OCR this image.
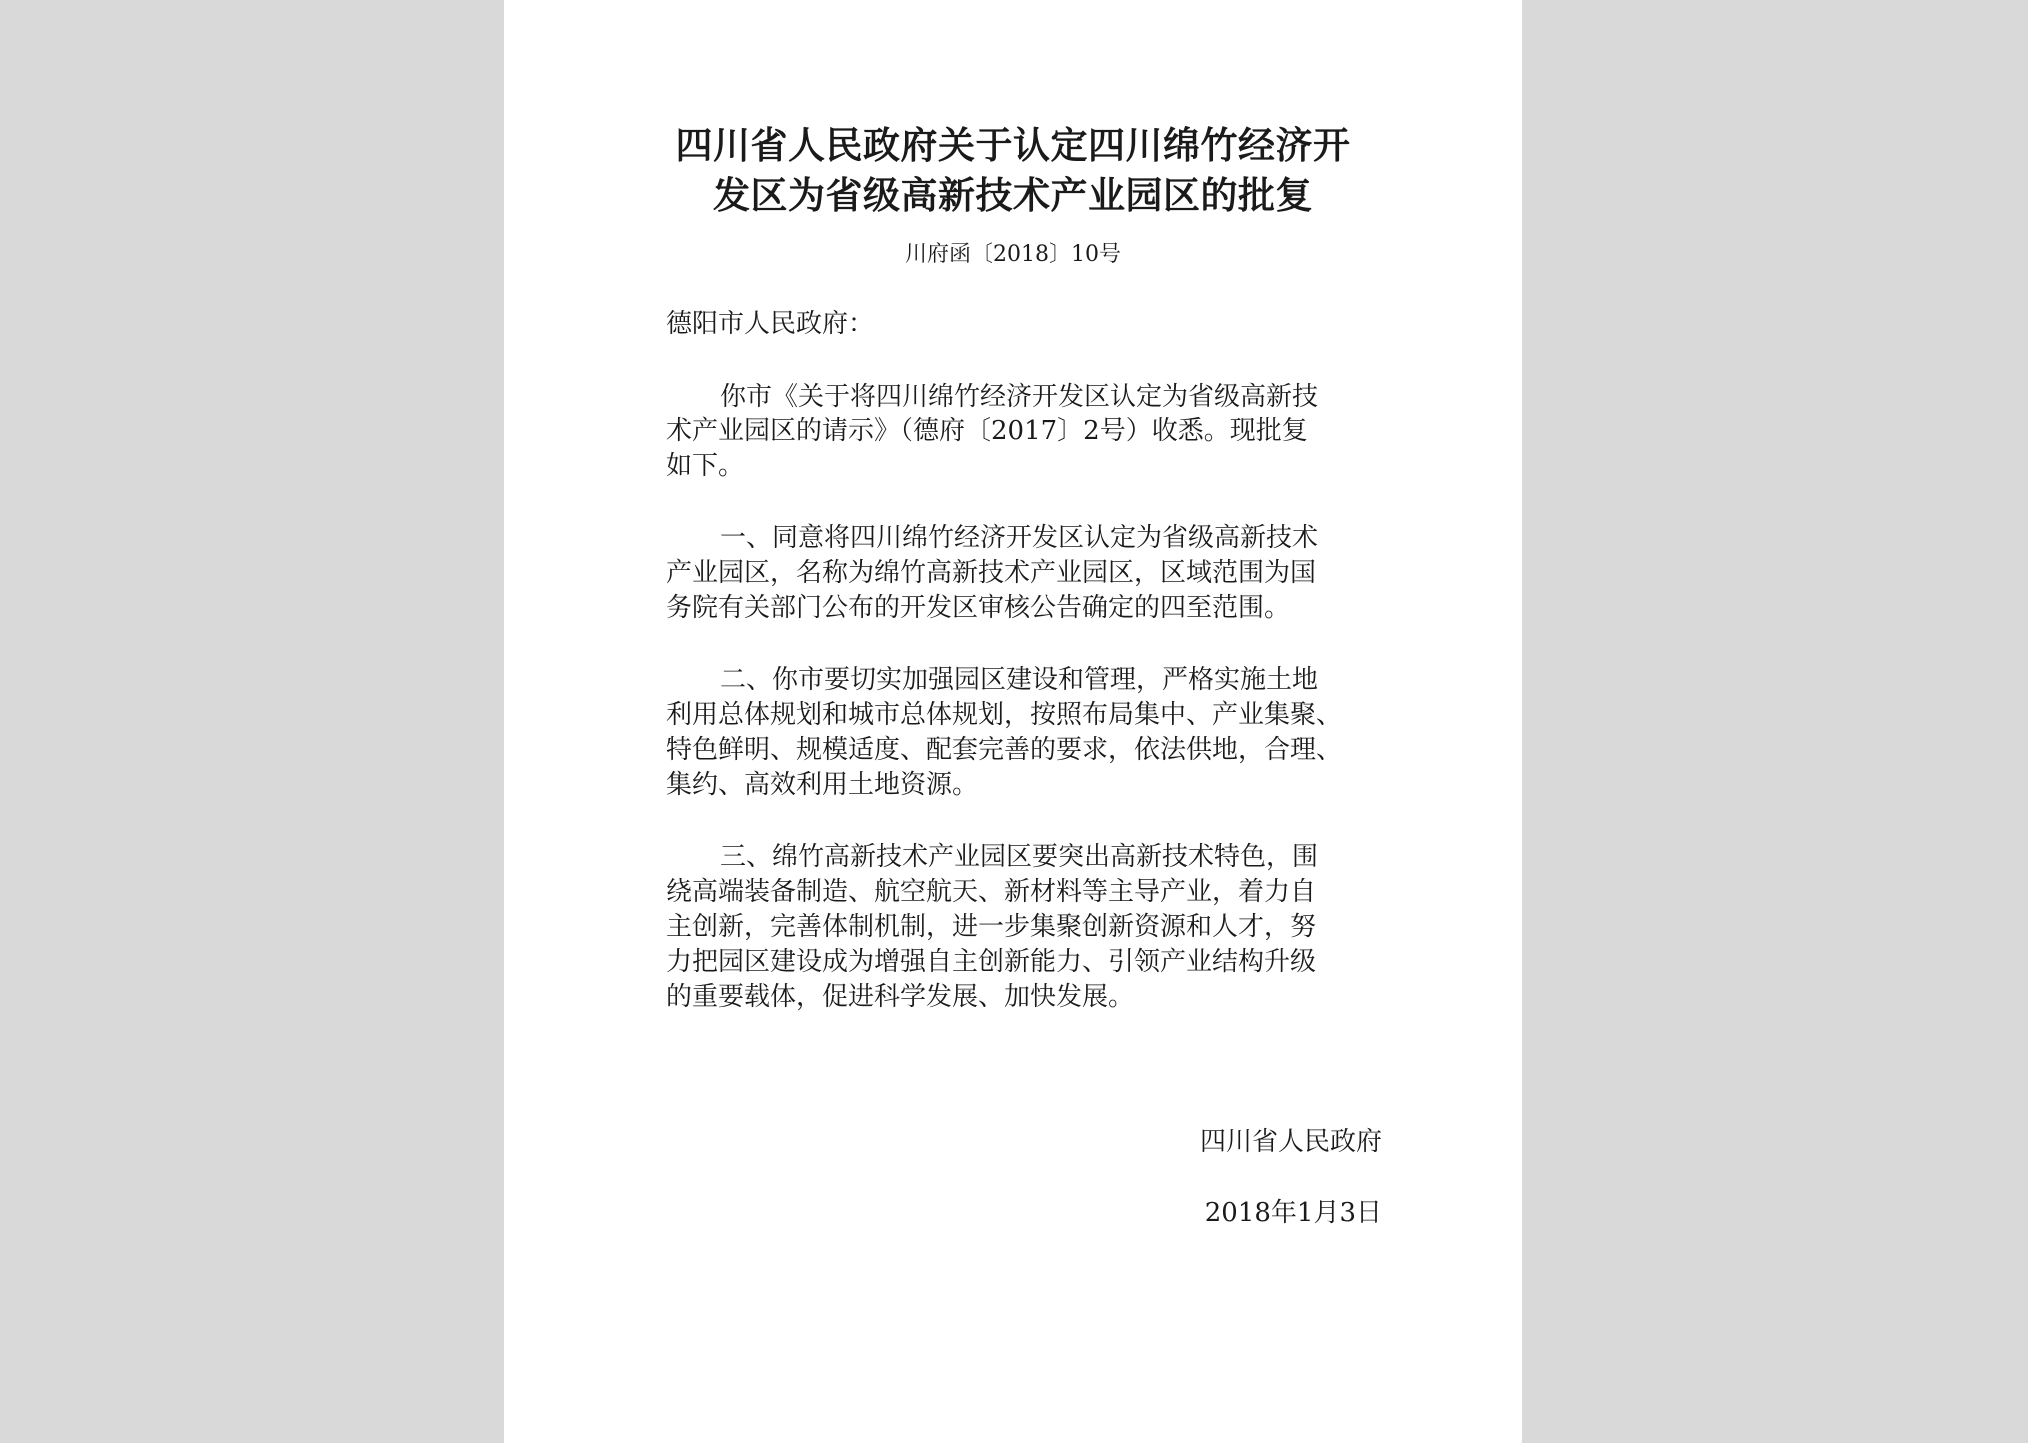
四川省人民政府关于认定四川绵竹经济开
发区为省级高新技术产业园区的批复
川府函〔2018〕10号
德阳市人民政府：
你市《关于将四川绵竹经济开发区认定为省级高新技
术产业园区的请示》（德府〔2017〕2号）收悉。现批复
如下。
一、同意将四川绵竹经济开发区认定为省级高新技术
产业园区，名称为绵竹高新技术产业园区，区域范围为国
务院有关部门公布的开发区审核公告确定的四至范围。
二、你市要切实加强园区建设和管理，严格实施土地
利用总体规划和城市总体规划，按照布局集中、产业集聚、
特色鲜明、规模适度、配套完善的要求，依法供地，合理、
集约、高效利用土地资源。
三、绵竹高新技术产业园区要突出高新技术特色，围
绕高端装备制造、航空航天、新材料等主导产业，着力自
主创新，完善体制机制，进一步集聚创新资源和人才，努
力把园区建设成为增强自主创新能力、引领产业结构升级
的重要载体，促进科学发展、加快发展。
四川省人民政府
2018年1月3日
